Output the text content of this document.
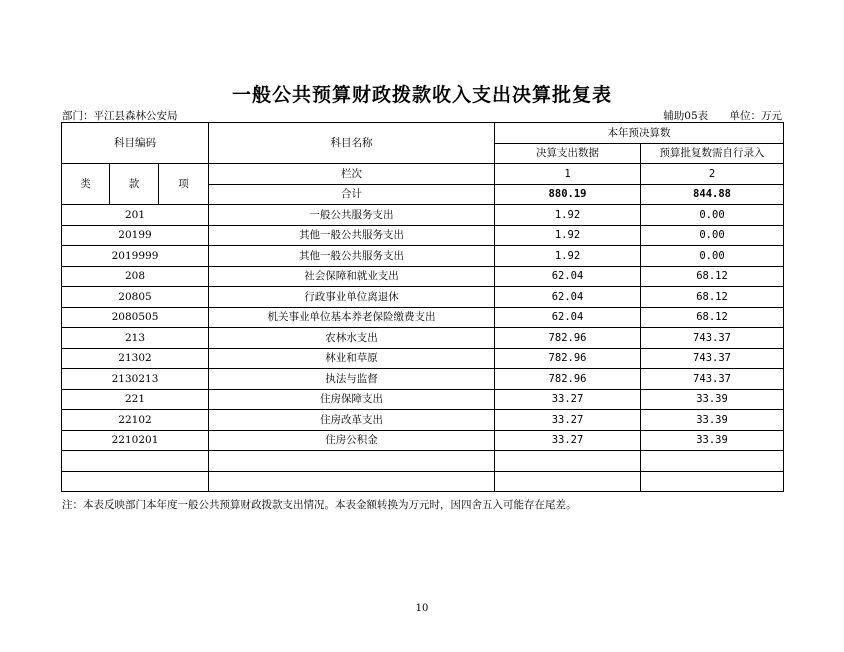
一般公共预算财政拨款收入支出决算批复表
部门：平江县森林公安局	辅助05表 单位：万元
科目编码			科目名称	本年预决算数	
				决算支出数据	预算批复数需自行录入
类	款	项	栏次	1	2
			合计	880.19	844.88
201			一般公共服务支出	1.92	0.00
20199			其他一般公共服务支出	1.92	0.00
2019999			其他一般公共服务支出	1.92	0.00
208			社会保障和就业支出	62.04	68.12
20805			行政事业单位离退休	62.04	68.12
2080505			机关事业单位基本养老保险缴费支出	62.04	68.12
213			农林水支出	782.96	743.37
21302			林业和草原	782.96	743.37
2130213			执法与监督	782.96	743.37
221			住房保障支出	33.27	33.39
22102			住房改革支出	33.27	33.39
2210201			住房公积金	33.27	33.39

注：本表反映部门本年度一般公共预算财政拨款支出情况。本表金额转换为万元时，因四舍五入可能存在尾差。
10
